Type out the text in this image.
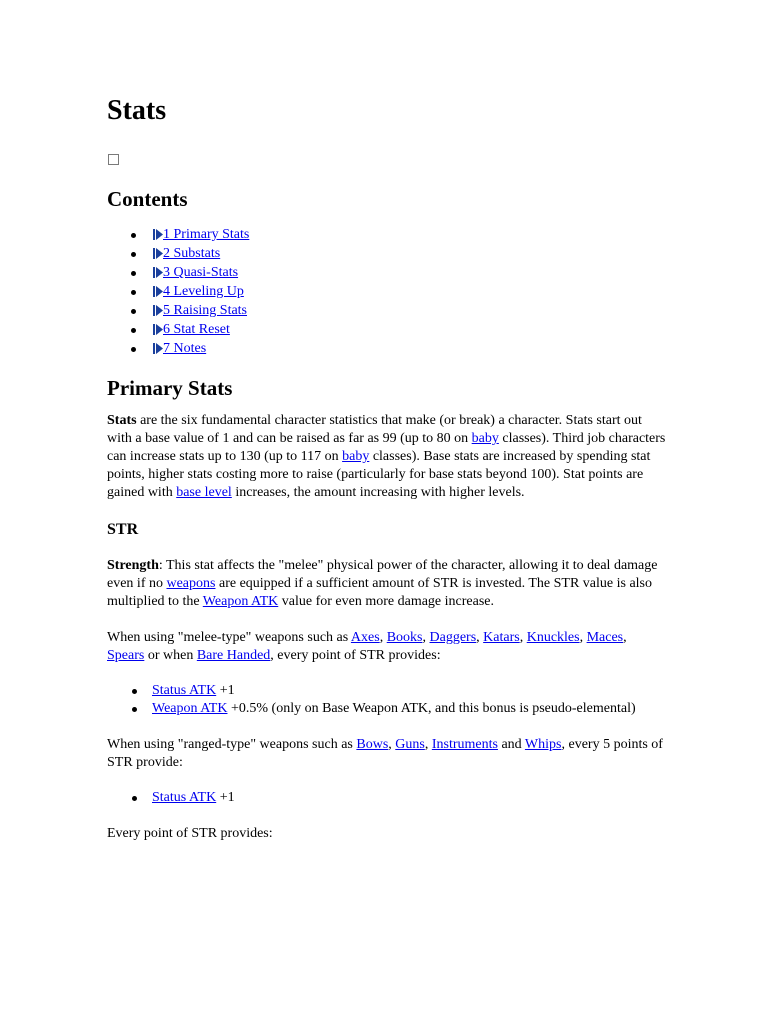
Stats
Contents
1 Primary Stats
2 Substats
3 Quasi-Stats
4 Leveling Up
5 Raising Stats
6 Stat Reset
7 Notes
Primary Stats

Stats are the six fundamental character statistics that make (or break) a character. Stats start out with a base value of 1 and can be raised as far as 99 (up to 80 on baby classes). Third job characters can increase stats up to 130 (up to 117 on baby classes). Base stats are increased by spending stat points, higher stats costing more to raise (particularly for base stats beyond 100). Stat points are gained with base level increases, the amount increasing with higher levels.

STR

Strength: This stat affects the "melee" physical power of the character, allowing it to deal damage even if no weapons are equipped if a sufficient amount of STR is invested. The STR value is also multiplied to the Weapon ATK value for even more damage increase.

When using "melee-type" weapons such as Axes, Books, Daggers, Katars, Knuckles, Maces, Spears or when Bare Handed, every point of STR provides:

Status ATK +1
Weapon ATK +0.5% (only on Base Weapon ATK, and this bonus is pseudo-elemental)

When using "ranged-type" weapons such as Bows, Guns, Instruments and Whips, every 5 points of STR provide:

Status ATK +1

Every point of STR provides:
